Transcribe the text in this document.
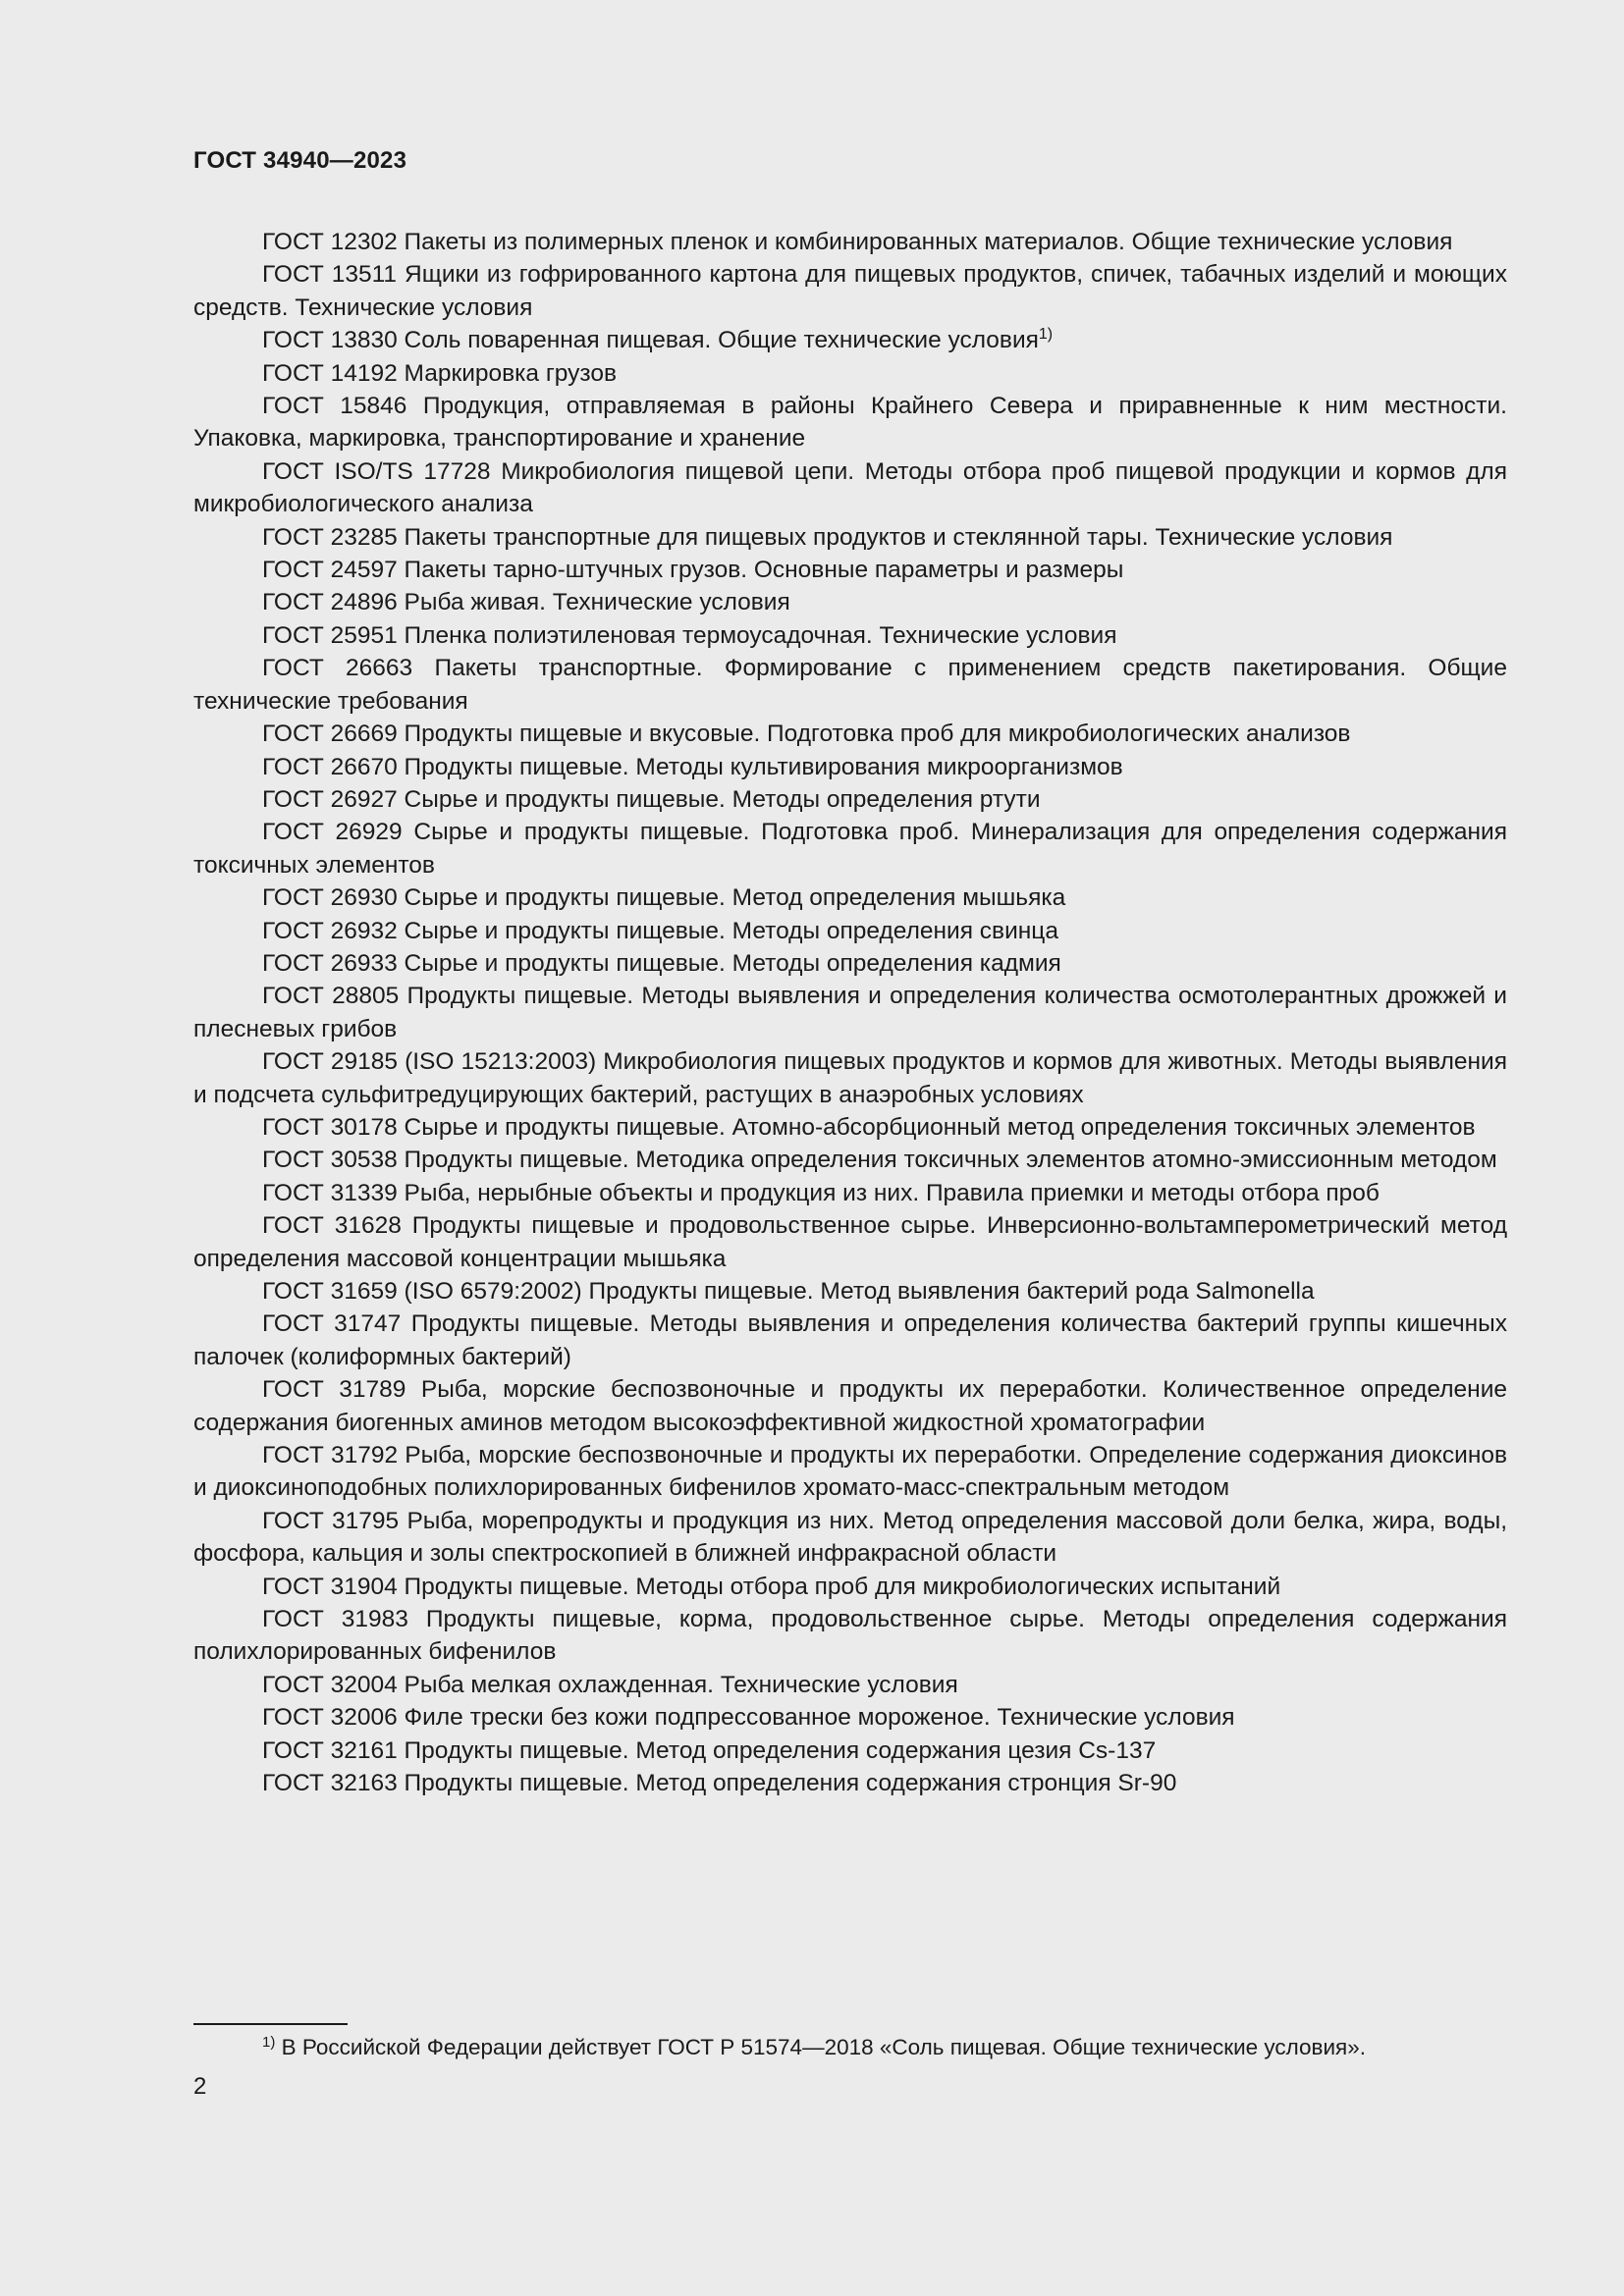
ГОСТ 34940—2023

ГОСТ 12302 Пакеты из полимерных пленок и комбинированных материалов. Общие технические условия

ГОСТ 13511 Ящики из гофрированного картона для пищевых продуктов, спичек, табачных изделий и моющих средств. Технические условия

ГОСТ 13830 Соль поваренная пищевая. Общие технические условия$^{1)}$

ГОСТ 14192 Маркировка грузов

ГОСТ 15846 Продукция, отправляемая в районы Крайнего Севера и приравненные к ним местности. Упаковка, маркировка, транспортирование и хранение

ГОСТ ISO/TS 17728 Микробиология пищевой цепи. Методы отбора проб пищевой продукции и кормов для микробиологического анализа

ГОСТ 23285 Пакеты транспортные для пищевых продуктов и стеклянной тары. Технические условия

ГОСТ 24597 Пакеты тарно-штучных грузов. Основные параметры и размеры

ГОСТ 24896 Рыба живая. Технические условия

ГОСТ 25951 Пленка полиэтиленовая термоусадочная. Технические условия

ГОСТ 26663 Пакеты транспортные. Формирование с применением средств пакетирования. Общие технические требования

ГОСТ 26669 Продукты пищевые и вкусовые. Подготовка проб для микробиологических анализов

ГОСТ 26670 Продукты пищевые. Методы культивирования микроорганизмов

ГОСТ 26927 Сырье и продукты пищевые. Методы определения ртути

ГОСТ 26929 Сырье и продукты пищевые. Подготовка проб. Минерализация для определения содержания токсичных элементов

ГОСТ 26930 Сырье и продукты пищевые. Метод определения мышьяка

ГОСТ 26932 Сырье и продукты пищевые. Методы определения свинца

ГОСТ 26933 Сырье и продукты пищевые. Методы определения кадмия

ГОСТ 28805 Продукты пищевые. Методы выявления и определения количества осмотолерантных дрожжей и плесневых грибов

ГОСТ 29185 (ISO 15213:2003) Микробиология пищевых продуктов и кормов для животных. Методы выявления и подсчета сульфитредуцирующих бактерий, растущих в анаэробных условиях

ГОСТ 30178 Сырье и продукты пищевые. Атомно-абсорбционный метод определения токсичных элементов

ГОСТ 30538 Продукты пищевые. Методика определения токсичных элементов атомно-эмиссионным методом

ГОСТ 31339 Рыба, нерыбные объекты и продукция из них. Правила приемки и методы отбора проб

ГОСТ 31628 Продукты пищевые и продовольственное сырье. Инверсионно-вольтамперометрический метод определения массовой концентрации мышьяка

ГОСТ 31659 (ISO 6579:2002) Продукты пищевые. Метод выявления бактерий рода Salmonella

ГОСТ 31747 Продукты пищевые. Методы выявления и определения количества бактерий группы кишечных палочек (колиформных бактерий)

ГОСТ 31789 Рыба, морские беспозвоночные и продукты их переработки. Количественное определение содержания биогенных аминов методом высокоэффективной жидкостной хроматографии

ГОСТ 31792 Рыба, морские беспозвоночные и продукты их переработки. Определение содержания диоксинов и диоксиноподобных полихлорированных бифенилов хромато-масс-спектральным методом

ГОСТ 31795 Рыба, морепродукты и продукция из них. Метод определения массовой доли белка, жира, воды, фосфора, кальция и золы спектроскопией в ближней инфракрасной области

ГОСТ 31904 Продукты пищевые. Методы отбора проб для микробиологических испытаний

ГОСТ 31983 Продукты пищевые, корма, продовольственное сырье. Методы определения содержания полихлорированных бифенилов

ГОСТ 32004 Рыба мелкая охлажденная. Технические условия

ГОСТ 32006 Филе трески без кожи подпрессованное мороженое. Технические условия

ГОСТ 32161 Продукты пищевые. Метод определения содержания цезия Cs-137

ГОСТ 32163 Продукты пищевые. Метод определения содержания стронция Sr-90

$^{1)}$ В Российской Федерации действует ГОСТ Р 51574—2018 «Соль пищевая. Общие технические условия».
2
